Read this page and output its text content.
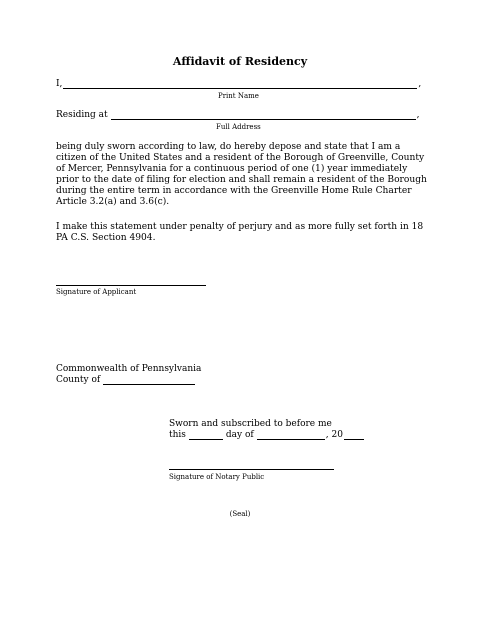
Affidavit of Residency
I,	,
Print Name
Residing at	,
Full Address
being duly sworn according to law, do hereby depose and state that I am a citizen of the United States and a resident of the Borough of Greenville, County of Mercer, Pennsylvania for a continuous period of one (1) year immediately prior to the date of filing for election and shall remain a resident of the Borough during the entire term in accordance with the Greenville Home Rule Charter Article 3.2(a) and 3.6(c).
I make this statement under penalty of perjury and as more fully set forth in 18 PA C.S. Section 4904.
Signature of Applicant
Commonwealth of Pennsylvania
County of
Sworn and subscribed to before me
this	day of	, 20
Signature of Notary Public
(Seal)
